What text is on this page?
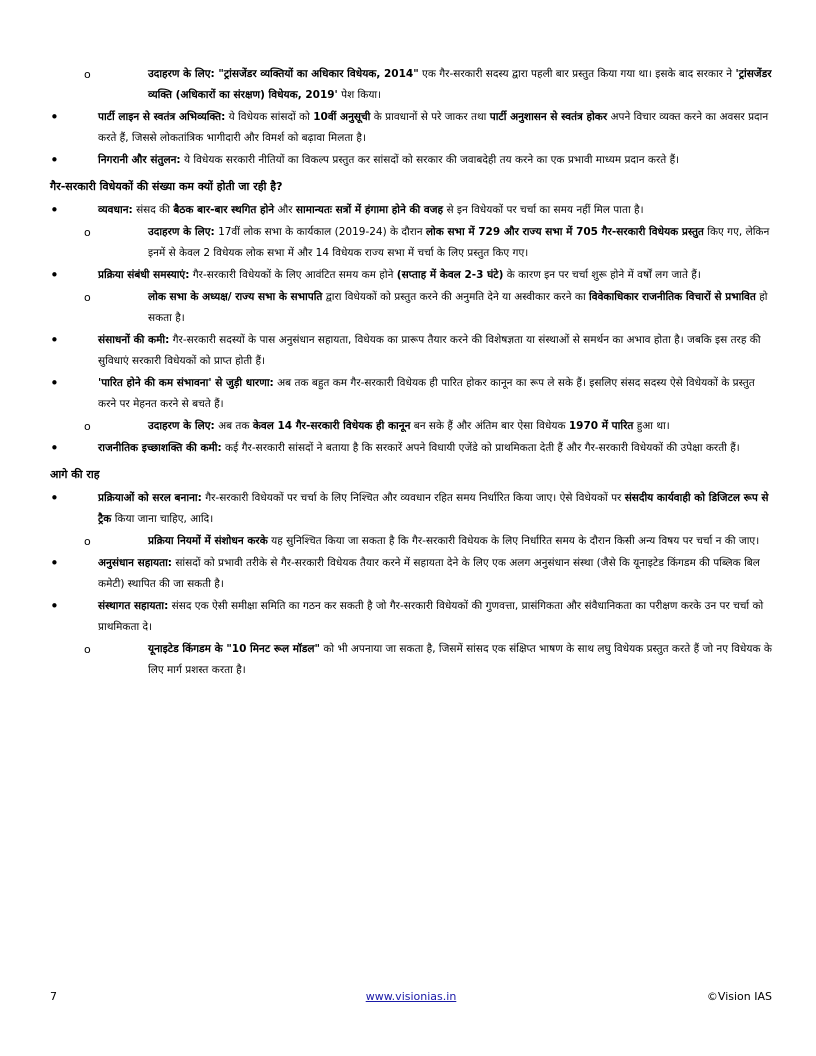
o	उदाहरण के लिए: "ट्रांसजेंडर व्यक्तियों का अधिकार विधेयक, 2014" एक गैर-सरकारी सदस्य द्वारा पहली बार प्रस्तुत किया गया था। इसके बाद सरकार ने 'ट्रांसजेंडर व्यक्ति (अधिकारों का संरक्षण) विधेयक, 2019' पेश किया।
•	पार्टी लाइन से स्वतंत्र अभिव्यक्ति: ये विधेयक सांसदों को 10वीं अनुसूची के प्रावधानों से परे जाकर तथा पार्टी अनुशासन से स्वतंत्र होकर अपने विचार व्यक्त करने का अवसर प्रदान करते हैं, जिससे लोकतांत्रिक भागीदारी और विमर्श को बढ़ावा मिलता है।
•	निगरानी और संतुलन: ये विधेयक सरकारी नीतियों का विकल्प प्रस्तुत कर सांसदों को सरकार की जवाबदेही तय करने का एक प्रभावी माध्यम प्रदान करते हैं।
गैर-सरकारी विधेयकों की संख्या कम क्यों होती जा रही है?
•	व्यवधान: संसद की बैठक बार-बार स्थगित होने और सामान्यतः सत्रों में हंगामा होने की वजह से इन विधेयकों पर चर्चा का समय नहीं मिल पाता है।
o	उदाहरण के लिए: 17वीं लोक सभा के कार्यकाल (2019-24) के दौरान लोक सभा में 729 और राज्य सभा में 705 गैर-सरकारी विधेयक प्रस्तुत किए गए, लेकिन इनमें से केवल 2 विधेयक लोक सभा में और 14 विधेयक राज्य सभा में चर्चा के लिए प्रस्तुत किए गए।
•	प्रक्रिया संबंधी समस्याएं: गैर-सरकारी विधेयकों के लिए आवंटित समय कम होने (सप्ताह में केवल 2-3 घंटे) के कारण इन पर चर्चा शुरू होने में वर्षों लग जाते हैं।
o	लोक सभा के अध्यक्ष/ राज्य सभा के सभापति द्वारा विधेयकों को प्रस्तुत करने की अनुमति देने या अस्वीकार करने का विवेकाधिकार राजनीतिक विचारों से प्रभावित हो सकता है।
•	संसाधनों की कमी: गैर-सरकारी सदस्यों के पास अनुसंधान सहायता, विधेयक का प्रारूप तैयार करने की विशेषज्ञता या संस्थाओं से समर्थन का अभाव होता है। जबकि इस तरह की सुविधाएं सरकारी विधेयकों को प्राप्त होती हैं।
•	'पारित होने की कम संभावना' से जुड़ी धारणा: अब तक बहुत कम गैर-सरकारी विधेयक ही पारित होकर कानून का रूप ले सके हैं। इसलिए संसद सदस्य ऐसे विधेयकों के प्रस्तुत करने पर मेहनत करने से बचते हैं।
o	उदाहरण के लिए: अब तक केवल 14 गैर-सरकारी विधेयक ही कानून बन सके हैं और अंतिम बार ऐसा विधेयक 1970 में पारित हुआ था।
•	राजनीतिक इच्छाशक्ति की कमी: कई गैर-सरकारी सांसदों ने बताया है कि सरकारें अपने विधायी एजेंडे को प्राथमिकता देती हैं और गैर-सरकारी विधेयकों की उपेक्षा करती हैं।
आगे की राह
•	प्रक्रियाओं को सरल बनाना: गैर-सरकारी विधेयकों पर चर्चा के लिए निश्चित और व्यवधान रहित समय निर्धारित किया जाए। ऐसे विधेयकों पर संसदीय कार्यवाही को डिजिटल रूप से ट्रैक किया जाना चाहिए, आदि।
o	प्रक्रिया नियमों में संशोधन करके यह सुनिश्चित किया जा सकता है कि गैर-सरकारी विधेयक के लिए निर्धारित समय के दौरान किसी अन्य विषय पर चर्चा न की जाए।
•	अनुसंधान सहायता: सांसदों को प्रभावी तरीके से गैर-सरकारी विधेयक तैयार करने में सहायता देने के लिए एक अलग अनुसंधान संस्था (जैसे कि यूनाइटेड किंगडम की पब्लिक बिल कमेटी) स्थापित की जा सकती है।
•	संस्थागत सहायता: संसद एक ऐसी समीक्षा समिति का गठन कर सकती है जो गैर-सरकारी विधेयकों की गुणवत्ता, प्रासंगिकता और संवैधानिकता का परीक्षण करके उन पर चर्चा को प्राथमिकता दे।
o	यूनाइटेड किंगडम के "10 मिनट रूल मॉडल" को भी अपनाया जा सकता है, जिसमें सांसद एक संक्षिप्त भाषण के साथ लघु विधेयक प्रस्तुत करते हैं जो नए विधेयक के लिए मार्ग प्रशस्त करता है।
7	www.visionias.in	©Vision IAS
